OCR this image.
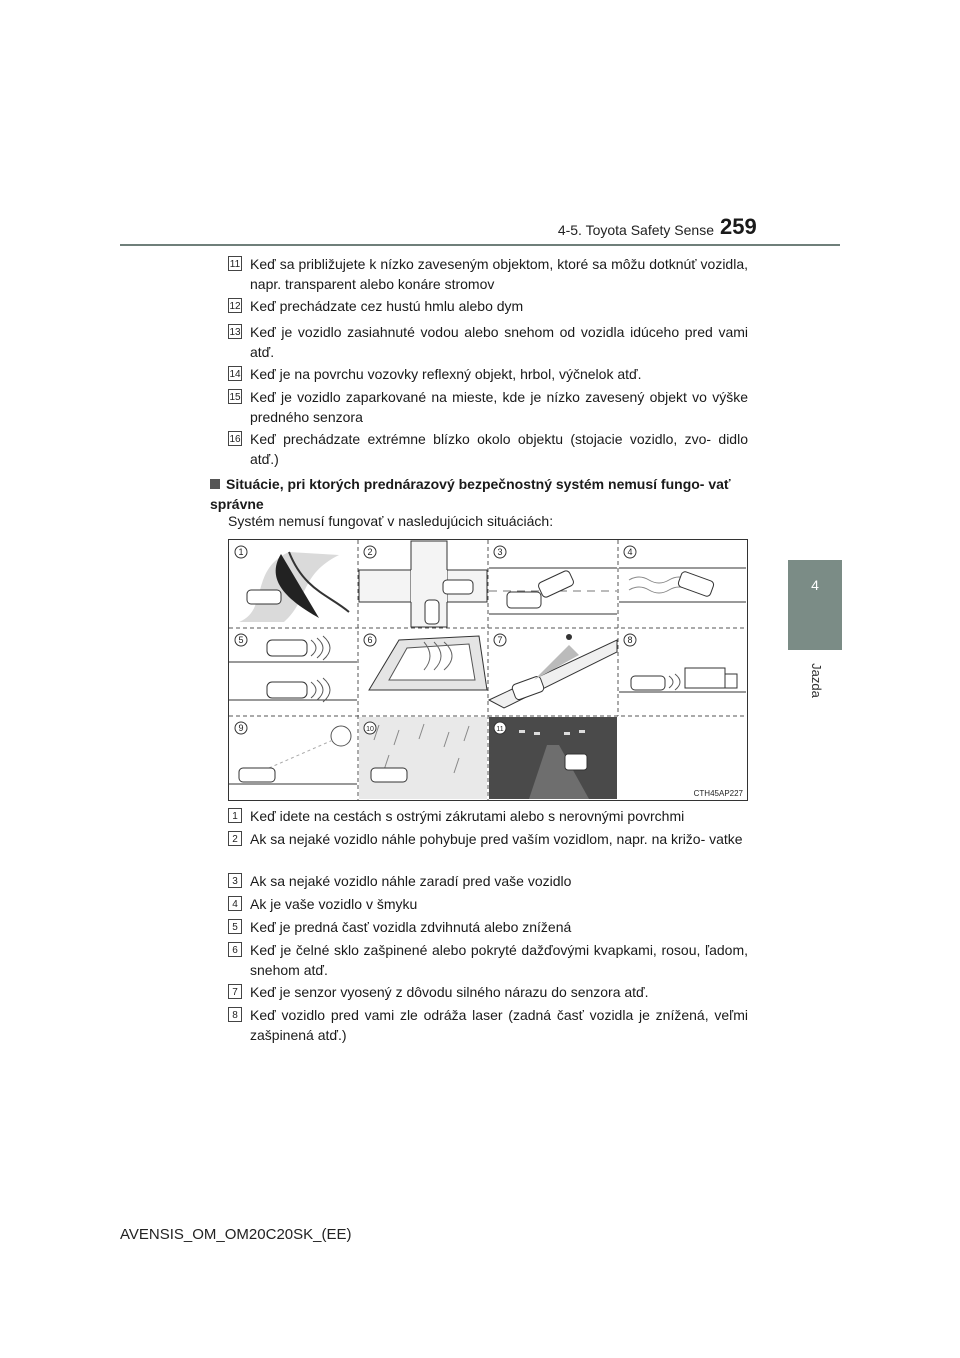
4-5. Toyota Safety Sense 259
4
Jazda
11 Keď sa približujete k nízko zaveseným objektom, ktoré sa môžu dotknúť vozidla, napr. transparent alebo konáre stromov
12 Keď prechádzate cez hustú hmlu alebo dym
13 Keď je vozidlo zasiahnuté vodou alebo snehom od vozidla idúceho pred vami atď.
14 Keď je na povrchu vozovky reflexný objekt, hrbol, výčnelok atď.
15 Keď je vozidlo zaparkované na mieste, kde je nízko zavesený objekt vo výške predného senzora
16 Keď prechádzate extrémne blízko okolo objektu (stojacie vozidlo, zvo- didlo atď.)
Situácie, pri ktorých prednárazový bezpečnostný systém nemusí fungo- vať správne
Systém nemusí fungovať v nasledujúcich situáciách:
1	2	3	4
5	6	7	8
9	10	11
CTH45AP227
1 Keď idete na cestách s ostrými zákrutami alebo s nerovnými povrchmi
2 Ak sa nejaké vozidlo náhle pohybuje pred vaším vozidlom, napr. na križo- vatke
3 Ak sa nejaké vozidlo náhle zaradí pred vaše vozidlo
4 Ak je vaše vozidlo v šmyku
5 Keď je predná časť vozidla zdvihnutá alebo znížená
6 Keď je čelné sklo zašpinené alebo pokryté dažďovými kvapkami, rosou, ľadom, snehom atď.
7 Keď je senzor vyosený z dôvodu silného nárazu do senzora atď.
8 Keď vozidlo pred vami zle odráža laser (zadná časť vozidla je znížená, veľmi zašpinená atď.)
AVENSIS_OM_OM20C20SK_(EE)
